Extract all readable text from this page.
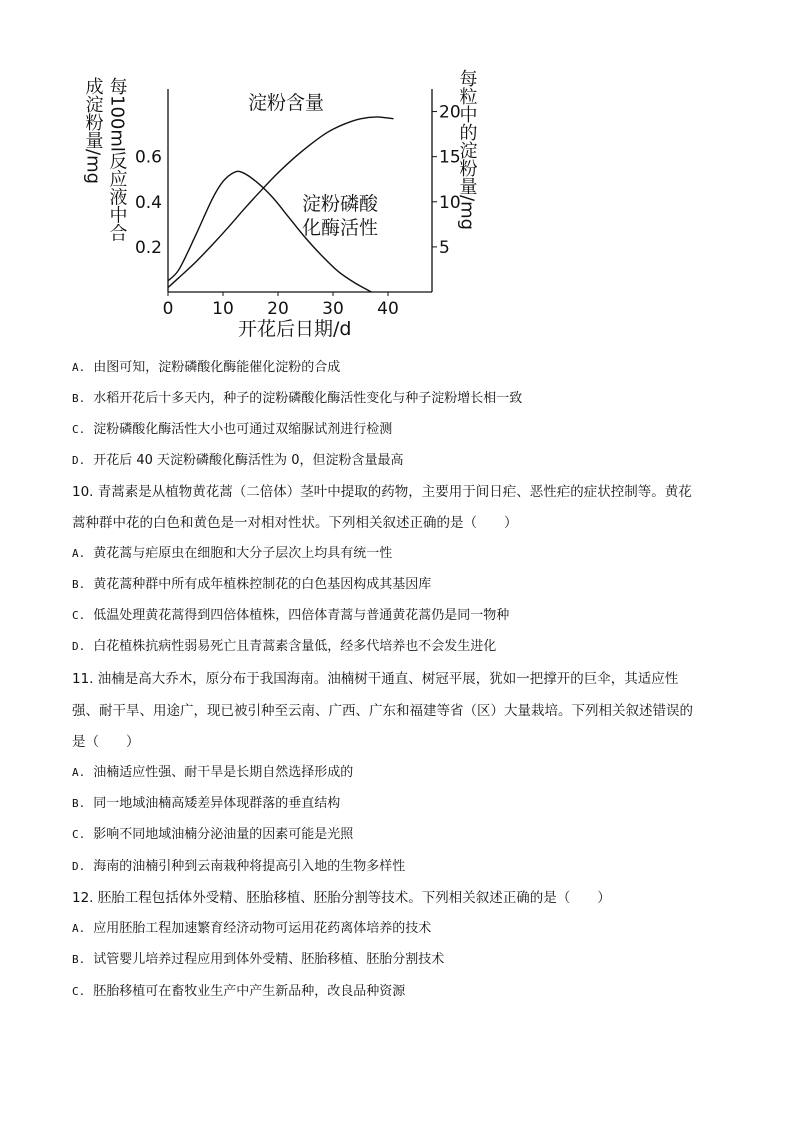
0 10 20 30 40
0.2
0.4
0.6
5
10
15
20
淀粉含量
淀粉磷酸
化酶活性
开花后日期/d
成淀粉量/mg 每100ml反应液中合	每粒中的淀粉量/mg
A. 由图可知，淀粉磷酸化酶能催化淀粉的合成
B. 水稻开花后十多天内，种子的淀粉磷酸化酶活性变化与种子淀粉增长相一致
C. 淀粉磷酸化酶活性大小也可通过双缩脲试剂进行检测
D. 开花后 40 天淀粉磷酸化酶活性为 0，但淀粉含量最高
10. 青蒿素是从植物黄花蒿（二倍体）茎叶中提取的药物，主要用于间日疟、恶性疟的症状控制等。黄花
蒿种群中花的白色和黄色是一对相对性状。下列相关叙述正确的是（　　）
A. 黄花蒿与疟原虫在细胞和大分子层次上均具有统一性
B. 黄花蒿种群中所有成年植株控制花的白色基因构成其基因库
C. 低温处理黄花蒿得到四倍体植株，四倍体青蒿与普通黄花蒿仍是同一物种
D. 白花植株抗病性弱易死亡且青蒿素含量低，经多代培养也不会发生进化
11. 油楠是高大乔木，原分布于我国海南。油楠树干通直、树冠平展，犹如一把撑开的巨伞，其适应性
强、耐干旱、用途广，现已被引种至云南、广西、广东和福建等省（区）大量栽培。下列相关叙述错误的
是（　　）
A. 油楠适应性强、耐干旱是长期自然选择形成的
B. 同一地域油楠高矮差异体现群落的垂直结构
C. 影响不同地域油楠分泌油量的因素可能是光照
D. 海南的油楠引种到云南栽种将提高引入地的生物多样性
12. 胚胎工程包括体外受精、胚胎移植、胚胎分割等技术。下列相关叙述正确的是（　　）
A. 应用胚胎工程加速繁育经济动物可运用花药离体培养的技术
B. 试管婴儿培养过程应用到体外受精、胚胎移植、胚胎分割技术
C. 胚胎移植可在畜牧业生产中产生新品种，改良品种资源
